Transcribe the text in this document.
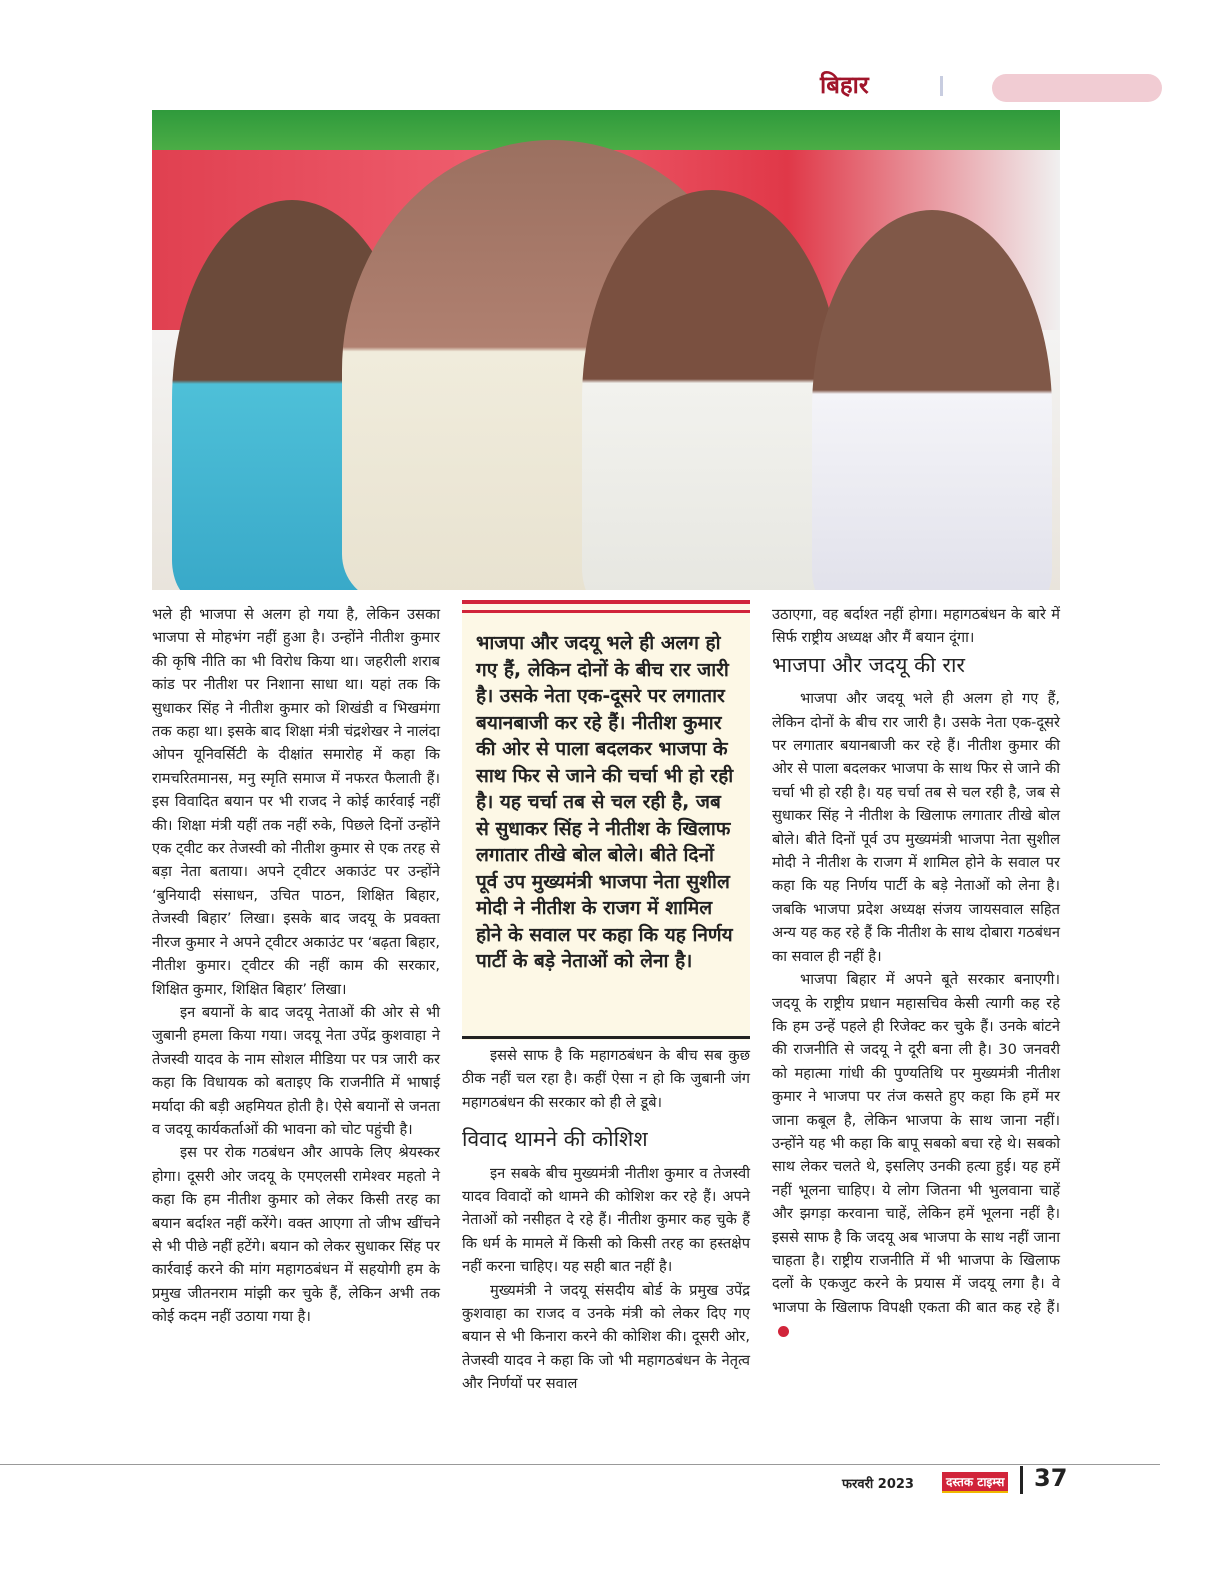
बिहार

भले ही भाजपा से अलग हो गया है, लेकिन उसका भाजपा से मोहभंग नहीं हुआ है। उन्होंने नीतीश कुमार की कृषि नीति का भी विरोध किया था। जहरीली शराब कांड पर नीतीश पर निशाना साधा था। यहां तक कि सुधाकर सिंह ने नीतीश कुमार को शिखंडी व भिखमंगा तक कहा था। इसके बाद शिक्षा मंत्री चंद्रशेखर ने नालंदा ओपन यूनिवर्सिटी के दीक्षांत समारोह में कहा कि रामचरितमानस, मनु स्मृति समाज में नफरत फैलाती हैं। इस विवादित बयान पर भी राजद ने कोई कार्रवाई नहीं की। शिक्षा मंत्री यहीं तक नहीं रुके, पिछले दिनों उन्होंने एक ट्वीट कर तेजस्वी को नीतीश कुमार से एक तरह से बड़ा नेता बताया। अपने ट्वीटर अकाउंट पर उन्होंने ‘बुनियादी संसाधन, उचित पाठन, शिक्षित बिहार, तेजस्वी बिहार’ लिखा। इसके बाद जदयू के प्रवक्ता नीरज कुमार ने अपने ट्वीटर अकाउंट पर ‘बढ़ता बिहार, नीतीश कुमार। ट्वीटर की नहीं काम की सरकार, शिक्षित कुमार, शिक्षित बिहार’ लिखा।

इन बयानों के बाद जदयू नेताओं की ओर से भी जुबानी हमला किया गया। जदयू नेता उपेंद्र कुशवाहा ने तेजस्वी यादव के नाम सोशल मीडिया पर पत्र जारी कर कहा कि विधायक को बताइए कि राजनीति में भाषाई मर्यादा की बड़ी अहमियत होती है। ऐसे बयानों से जनता व जदयू कार्यकर्ताओं की भावना को चोट पहुंची है।

इस पर रोक गठबंधन और आपके लिए श्रेयस्कर होगा। दूसरी ओर जदयू के एमएलसी रामेश्वर महतो ने कहा कि हम नीतीश कुमार को लेकर किसी तरह का बयान बर्दाश्त नहीं करेंगे। वक्त आएगा तो जीभ खींचने से भी पीछे नहीं हटेंगे। बयान को लेकर सुधाकर सिंह पर कार्रवाई करने की मांग महागठबंधन में सहयोगी हम के प्रमुख जीतनराम मांझी कर चुके हैं, लेकिन अभी तक कोई कदम नहीं उठाया गया है।

भाजपा और जदयू भले ही अलग हो गए हैं, लेकिन दोनों के बीच रार जारी है। उसके नेता एक-दूसरे पर लगातार बयानबाजी कर रहे हैं। नीतीश कुमार की ओर से पाला बदलकर भाजपा के साथ फिर से जाने की चर्चा भी हो रही है। यह चर्चा तब से चल रही है, जब से सुधाकर सिंह ने नीतीश के खिलाफ लगातार तीखे बोल बोले। बीते दिनों पूर्व उप मुख्यमंत्री भाजपा नेता सुशील मोदी ने नीतीश के राजग में शामिल होने के सवाल पर कहा कि यह निर्णय पार्टी के बड़े नेताओं को लेना है।

इससे साफ है कि महागठबंधन के बीच सब कुछ ठीक नहीं चल रहा है। कहीं ऐसा न हो कि जुबानी जंग महागठबंधन की सरकार को ही ले डूबे।

विवाद थामने की कोशिश

इन सबके बीच मुख्यमंत्री नीतीश कुमार व तेजस्वी यादव विवादों को थामने की कोशिश कर रहे हैं। अपने नेताओं को नसीहत दे रहे हैं। नीतीश कुमार कह चुके हैं कि धर्म के मामले में किसी को किसी तरह का हस्तक्षेप नहीं करना चाहिए। यह सही बात नहीं है।

मुख्यमंत्री ने जदयू संसदीय बोर्ड के प्रमुख उपेंद्र कुशवाहा का राजद व उनके मंत्री को लेकर दिए गए बयान से भी किनारा करने की कोशिश की। दूसरी ओर, तेजस्वी यादव ने कहा कि जो भी महागठबंधन के नेतृत्व और निर्णयों पर सवाल

उठाएगा, वह बर्दाश्त नहीं होगा। महागठबंधन के बारे में सिर्फ राष्ट्रीय अध्यक्ष और मैं बयान दूंगा।

भाजपा और जदयू की रार

भाजपा और जदयू भले ही अलग हो गए हैं, लेकिन दोनों के बीच रार जारी है। उसके नेता एक-दूसरे पर लगातार बयानबाजी कर रहे हैं। नीतीश कुमार की ओर से पाला बदलकर भाजपा के साथ फिर से जाने की चर्चा भी हो रही है। यह चर्चा तब से चल रही है, जब से सुधाकर सिंह ने नीतीश के खिलाफ लगातार तीखे बोल बोले। बीते दिनों पूर्व उप मुख्यमंत्री भाजपा नेता सुशील मोदी ने नीतीश के राजग में शामिल होने के सवाल पर कहा कि यह निर्णय पार्टी के बड़े नेताओं को लेना है। जबकि भाजपा प्रदेश अध्यक्ष संजय जायसवाल सहित अन्य यह कह रहे हैं कि नीतीश के साथ दोबारा गठबंधन का सवाल ही नहीं है।

भाजपा बिहार में अपने बूते सरकार बनाएगी। जदयू के राष्ट्रीय प्रधान महासचिव केसी त्यागी कह रहे कि हम उन्हें पहले ही रिजेक्ट कर चुके हैं। उनके बांटने की राजनीति से जदयू ने दूरी बना ली है। 30 जनवरी को महात्मा गांधी की पुण्यतिथि पर मुख्यमंत्री नीतीश कुमार ने भाजपा पर तंज कसते हुए कहा कि हमें मर जाना कबूल है, लेकिन भाजपा के साथ जाना नहीं। उन्होंने यह भी कहा कि बापू सबको बचा रहे थे। सबको साथ लेकर चलते थे, इसलिए उनकी हत्या हुई। यह हमें नहीं भूलना चाहिए। ये लोग जितना भी भुलवाना चाहें और झगड़ा करवाना चाहें, लेकिन हमें भूलना नहीं है। इससे साफ है कि जदयू अब भाजपा के साथ नहीं जाना चाहता है। राष्ट्रीय राजनीति में भी भाजपा के खिलाफ दलों के एकजुट करने के प्रयास में जदयू लगा है। वे भाजपा के खिलाफ विपक्षी एकता की बात कह रहे हैं।

फरवरी 2023	दस्तक टाइम्स 37
